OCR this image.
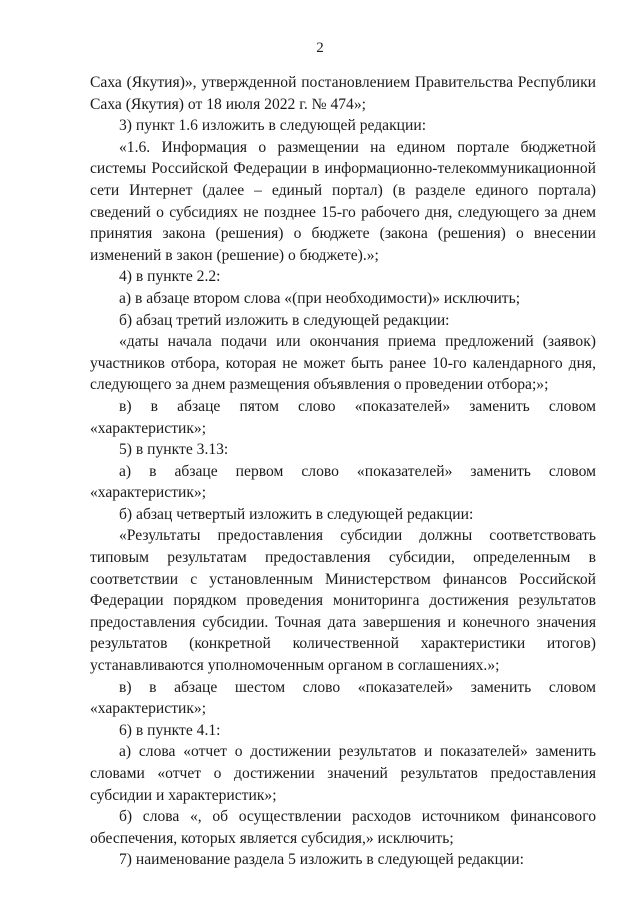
2

Саха (Якутия)», утвержденной постановлением Правительства Республики Саха (Якутия) от 18 июля 2022 г. № 474»;

3) пункт 1.6 изложить в следующей редакции:

«1.6. Информация о размещении на едином портале бюджетной системы Российской Федерации в информационно-телекоммуникационной сети Интернет (далее – единый портал) (в разделе единого портала) сведений о субсидиях не позднее 15-го рабочего дня, следующего за днем принятия закона (решения) о бюджете (закона (решения) о внесении изменений в закон (решение) о бюджете).»;

4) в пункте 2.2:

а) в абзаце втором слова «(при необходимости)» исключить;

б) абзац третий изложить в следующей редакции:

«даты начала подачи или окончания приема предложений (заявок) участников отбора, которая не может быть ранее 10-го календарного дня, следующего за днем размещения объявления о проведении отбора;»;

в) в абзаце пятом слово «показателей» заменить словом «характеристик»;

5) в пункте 3.13:

а) в абзаце первом слово «показателей» заменить словом «характеристик»;

б) абзац четвертый изложить в следующей редакции:

«Результаты предоставления субсидии должны соответствовать типовым результатам предоставления субсидии, определенным в соответствии с установленным Министерством финансов Российской Федерации порядком проведения мониторинга достижения результатов предоставления субсидии. Точная дата завершения и конечного значения результатов (конкретной количественной характеристики итогов) устанавливаются уполномоченным органом в соглашениях.»;

в) в абзаце шестом слово «показателей» заменить словом «характеристик»;

6) в пункте 4.1:

а) слова «отчет о достижении результатов и показателей» заменить словами «отчет о достижении значений результатов предоставления субсидии и характеристик»;

б) слова «, об осуществлении расходов источником финансового обеспечения, которых является субсидия,» исключить;

7) наименование раздела 5 изложить в следующей редакции:
